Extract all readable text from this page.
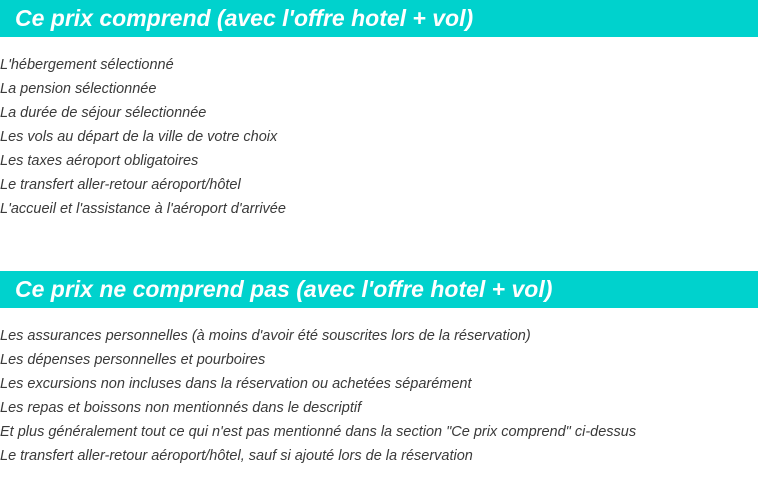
Ce prix comprend (avec l'offre hotel + vol)
L'hébergement sélectionné
La pension sélectionnée
La durée de séjour sélectionnée
Les vols au départ de la ville de votre choix
Les taxes aéroport obligatoires
Le transfert aller-retour aéroport/hôtel
L'accueil et l'assistance à l'aéroport d'arrivée
Ce prix ne comprend pas (avec l'offre hotel + vol)
Les assurances personnelles (à moins d'avoir été souscrites lors de la réservation)
Les dépenses personnelles et pourboires
Les excursions non incluses dans la réservation ou achetées séparément
Les repas et boissons non mentionnés dans le descriptif
Et plus généralement tout ce qui n'est pas mentionné dans la section "Ce prix comprend" ci-dessus
Le transfert aller-retour aéroport/hôtel, sauf si ajouté lors de la réservation
